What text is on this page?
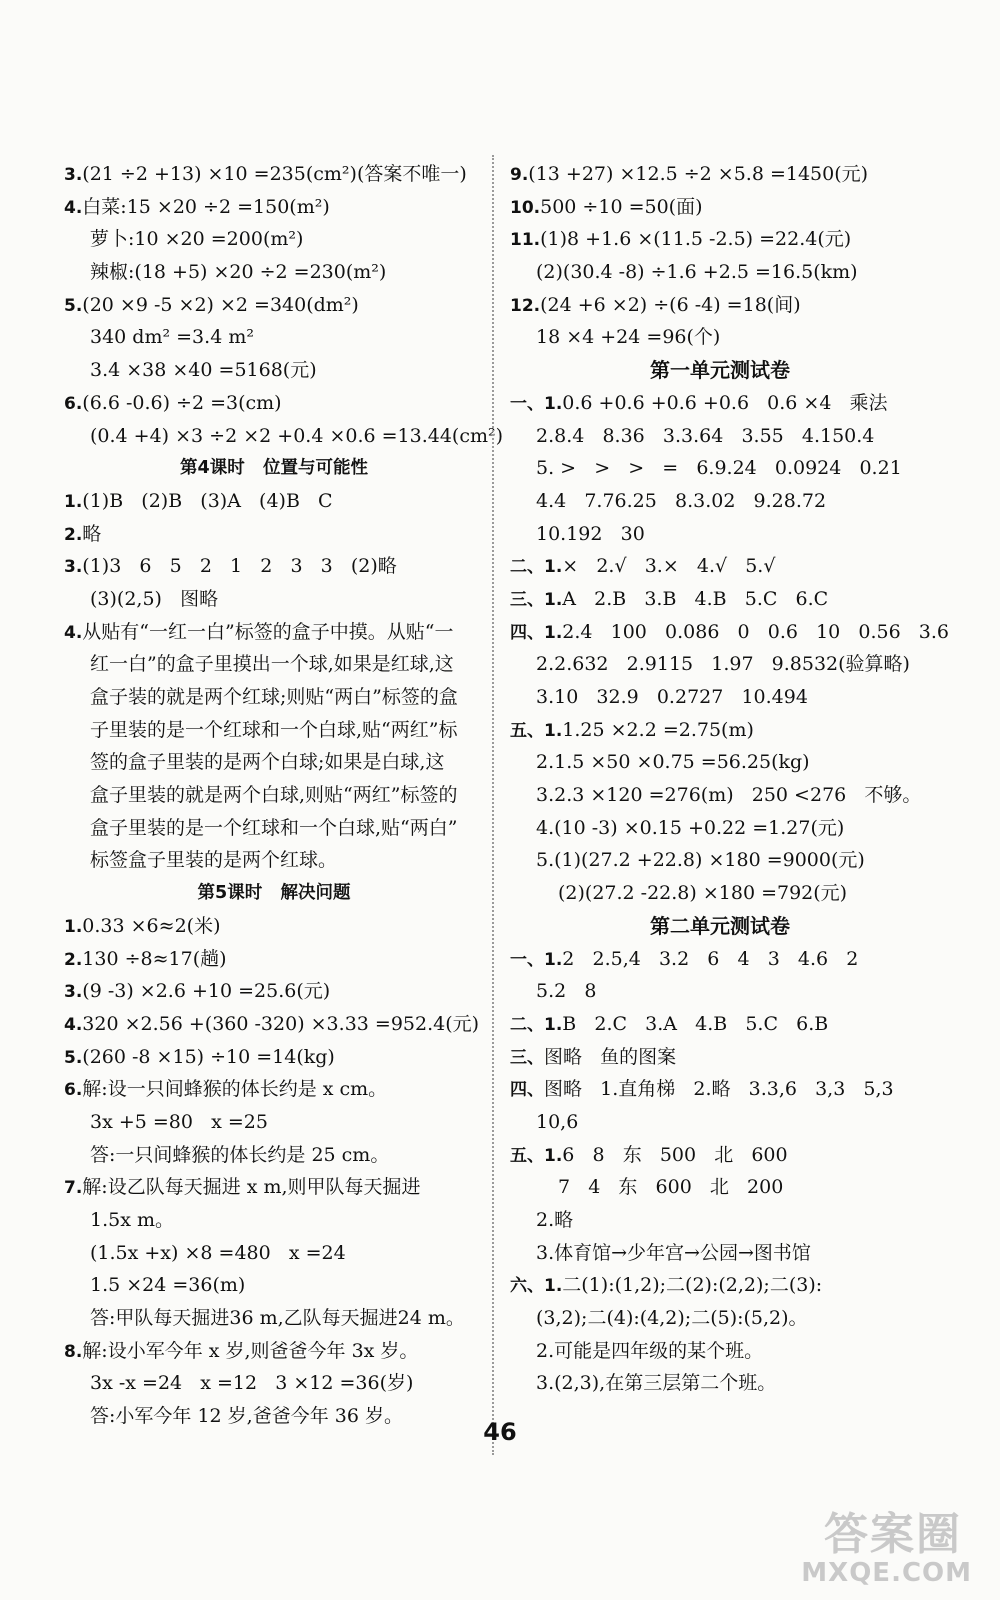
3.(21 ÷2 +13) ×10 =235(cm²)(答案不唯一)
4.白菜:15 ×20 ÷2 =150(m²)
萝卜:10 ×20 =200(m²)
辣椒:(18 +5) ×20 ÷2 =230(m²)
5.(20 ×9 -5 ×2) ×2 =340(dm²)
340 dm² =3.4 m²
3.4 ×38 ×40 =5168(元)
6.(6.6 -0.6) ÷2 =3(cm)
(0.4 +4) ×3 ÷2 ×2 +0.4 ×0.6 =13.44(cm²)
第4课时   位置与可能性
1.(1)B   (2)B   (3)A   (4)B   C
2.略
3.(1)3   6   5   2   1   2   3   3   (2)略
(3)(2,5)   图略
4.从贴有“一红一白”标签的盒子中摸。从贴“一
红一白”的盒子里摸出一个球,如果是红球,这
盒子装的就是两个红球;则贴“两白”标签的盒
子里装的是一个红球和一个白球,贴“两红”标
签的盒子里装的是两个白球;如果是白球,这
盒子里装的就是两个白球,则贴“两红”标签的
盒子里装的是一个红球和一个白球,贴“两白”
标签盒子里装的是两个红球。
第5课时   解决问题
1.0.33 ×6≈2(米)
2.130 ÷8≈17(趟)
3.(9 -3) ×2.6 +10 =25.6(元)
4.320 ×2.56 +(360 -320) ×3.33 =952.4(元)
5.(260 -8 ×15) ÷10 =14(kg)
6.解:设一只间蜂猴的体长约是 x cm。
3x +5 =80   x =25
答:一只间蜂猴的体长约是 25 cm。
7.解:设乙队每天掘进 x m,则甲队每天掘进
1.5x m。
(1.5x +x) ×8 =480   x =24
1.5 ×24 =36(m)
答:甲队每天掘进36 m,乙队每天掘进24 m。
8.解:设小军今年 x 岁,则爸爸今年 3x 岁。
3x -x =24   x =12   3 ×12 =36(岁)
答:小军今年 12 岁,爸爸今年 36 岁。
9.(13 +27) ×12.5 ÷2 ×5.8 =1450(元)
10.500 ÷10 =50(面)
11.(1)8 +1.6 ×(11.5 -2.5) =22.4(元)
(2)(30.4 -8) ÷1.6 +2.5 =16.5(km)
12.(24 +6 ×2) ÷(6 -4) =18(间)
18 ×4 +24 =96(个)
第一单元测试卷
一、1.0.6 +0.6 +0.6 +0.6   0.6 ×4   乘法
2.8.4   8.36   3.3.64   3.55   4.150.4
5. >   >   >   =   6.9.24   0.0924   0.21
4.4   7.76.25   8.3.02   9.28.72
10.192   30
二、1.×   2.√   3.×   4.√   5.√
三、1.A   2.B   3.B   4.B   5.C   6.C
四、1.2.4   100   0.086   0   0.6   10   0.56   3.6
2.2.632   2.9115   1.97   9.8532(验算略)
3.10   32.9   0.2727   10.494
五、1.1.25 ×2.2 =2.75(m)
2.1.5 ×50 ×0.75 =56.25(kg)
3.2.3 ×120 =276(m)   250 <276   不够。
4.(10 -3) ×0.15 +0.22 =1.27(元)
5.(1)(27.2 +22.8) ×180 =9000(元)
(2)(27.2 -22.8) ×180 =792(元)
第二单元测试卷
一、1.2   2.5,4   3.2   6   4   3   4.6   2
5.2   8
二、1.B   2.C   3.A   4.B   5.C   6.B
三、图略   鱼的图案
四、图略   1.直角梯   2.略   3.3,6   3,3   5,3
10,6
五、1.6   8   东   500   北   600
7   4   东   600   北   200
2.略
3.体育馆→少年宫→公园→图书馆
六、1.二(1):(1,2);二(2):(2,2);二(3):
(3,2);二(4):(4,2);二(5):(5,2)。
2.可能是四年级的某个班。
3.(2,3),在第三层第二个班。
46
答案圈
MXQE.COM
